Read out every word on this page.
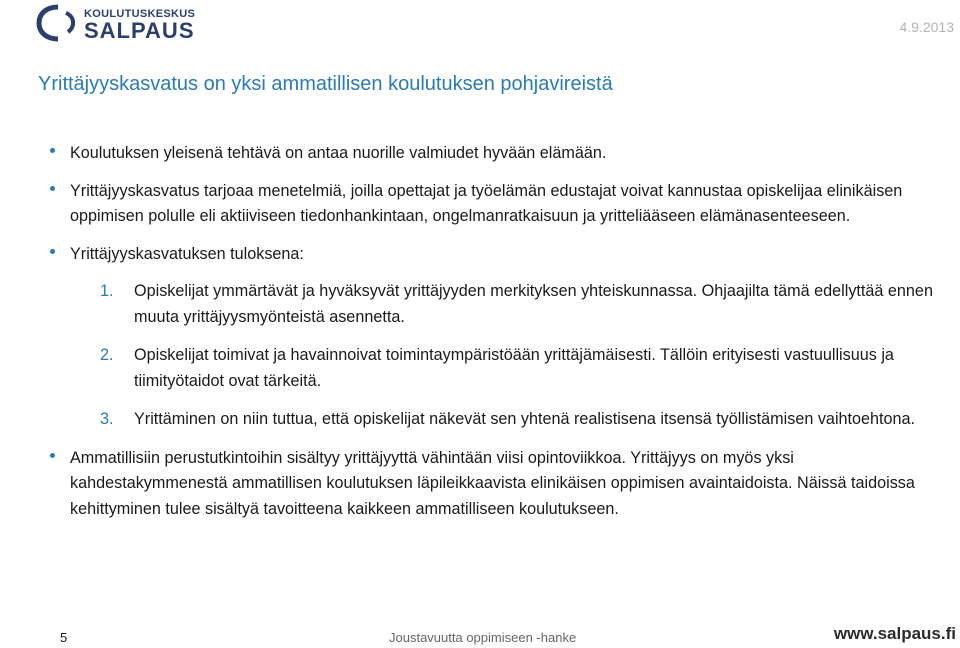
KOULUTUSKESKUS
SALPAUS	4.9.2013
Yrittäjyyskasvatus on yksi ammatillisen koulutuksen pohjavireistä
Koulutuksen yleisenä tehtävä on antaa nuorille valmiudet hyvään elämään.
Yrittäjyyskasvatus tarjoaa menetelmiä, joilla opettajat ja työelämän edustajat voivat kannustaa opiskelijaa elinikäisen oppimisen polulle eli aktiiviseen tiedonhankintaan, ongelmanratkaisuun ja yritteliääseen elämänasenteeseen.
Yrittäjyyskasvatuksen tuloksena:
1. Opiskelijat ymmärtävät ja hyväksyvät yrittäjyyden merkityksen yhteiskunnassa. Ohjaajilta tämä edellyttää ennen muuta yrittäjyysmyönteistä asennetta.
2. Opiskelijat toimivat ja havainnoivat toimintaympäristöään yrittäjämäisesti. Tällöin erityisesti vastuullisuus ja tiimityötaidot ovat tärkeitä.
3. Yrittäminen on niin tuttua, että opiskelijat näkevät sen yhtenä realistisena itsensä työllistämisen vaihtoehtona.
Ammatillisiin perustutkintoihin sisältyy yrittäjyyttä vähintään viisi opintoviikkoa. Yrittäjyys on myös yksi kahdestakymmenestä ammatillisen koulutuksen läpileikkaavista elinikäisen oppimisen avaintaidoista. Näissä taidoissa kehittyminen tulee sisältyä tavoitteena kaikkeen ammatilliseen koulutukseen.
5	Joustavuutta oppimiseen -hanke	www.salpaus.fi
